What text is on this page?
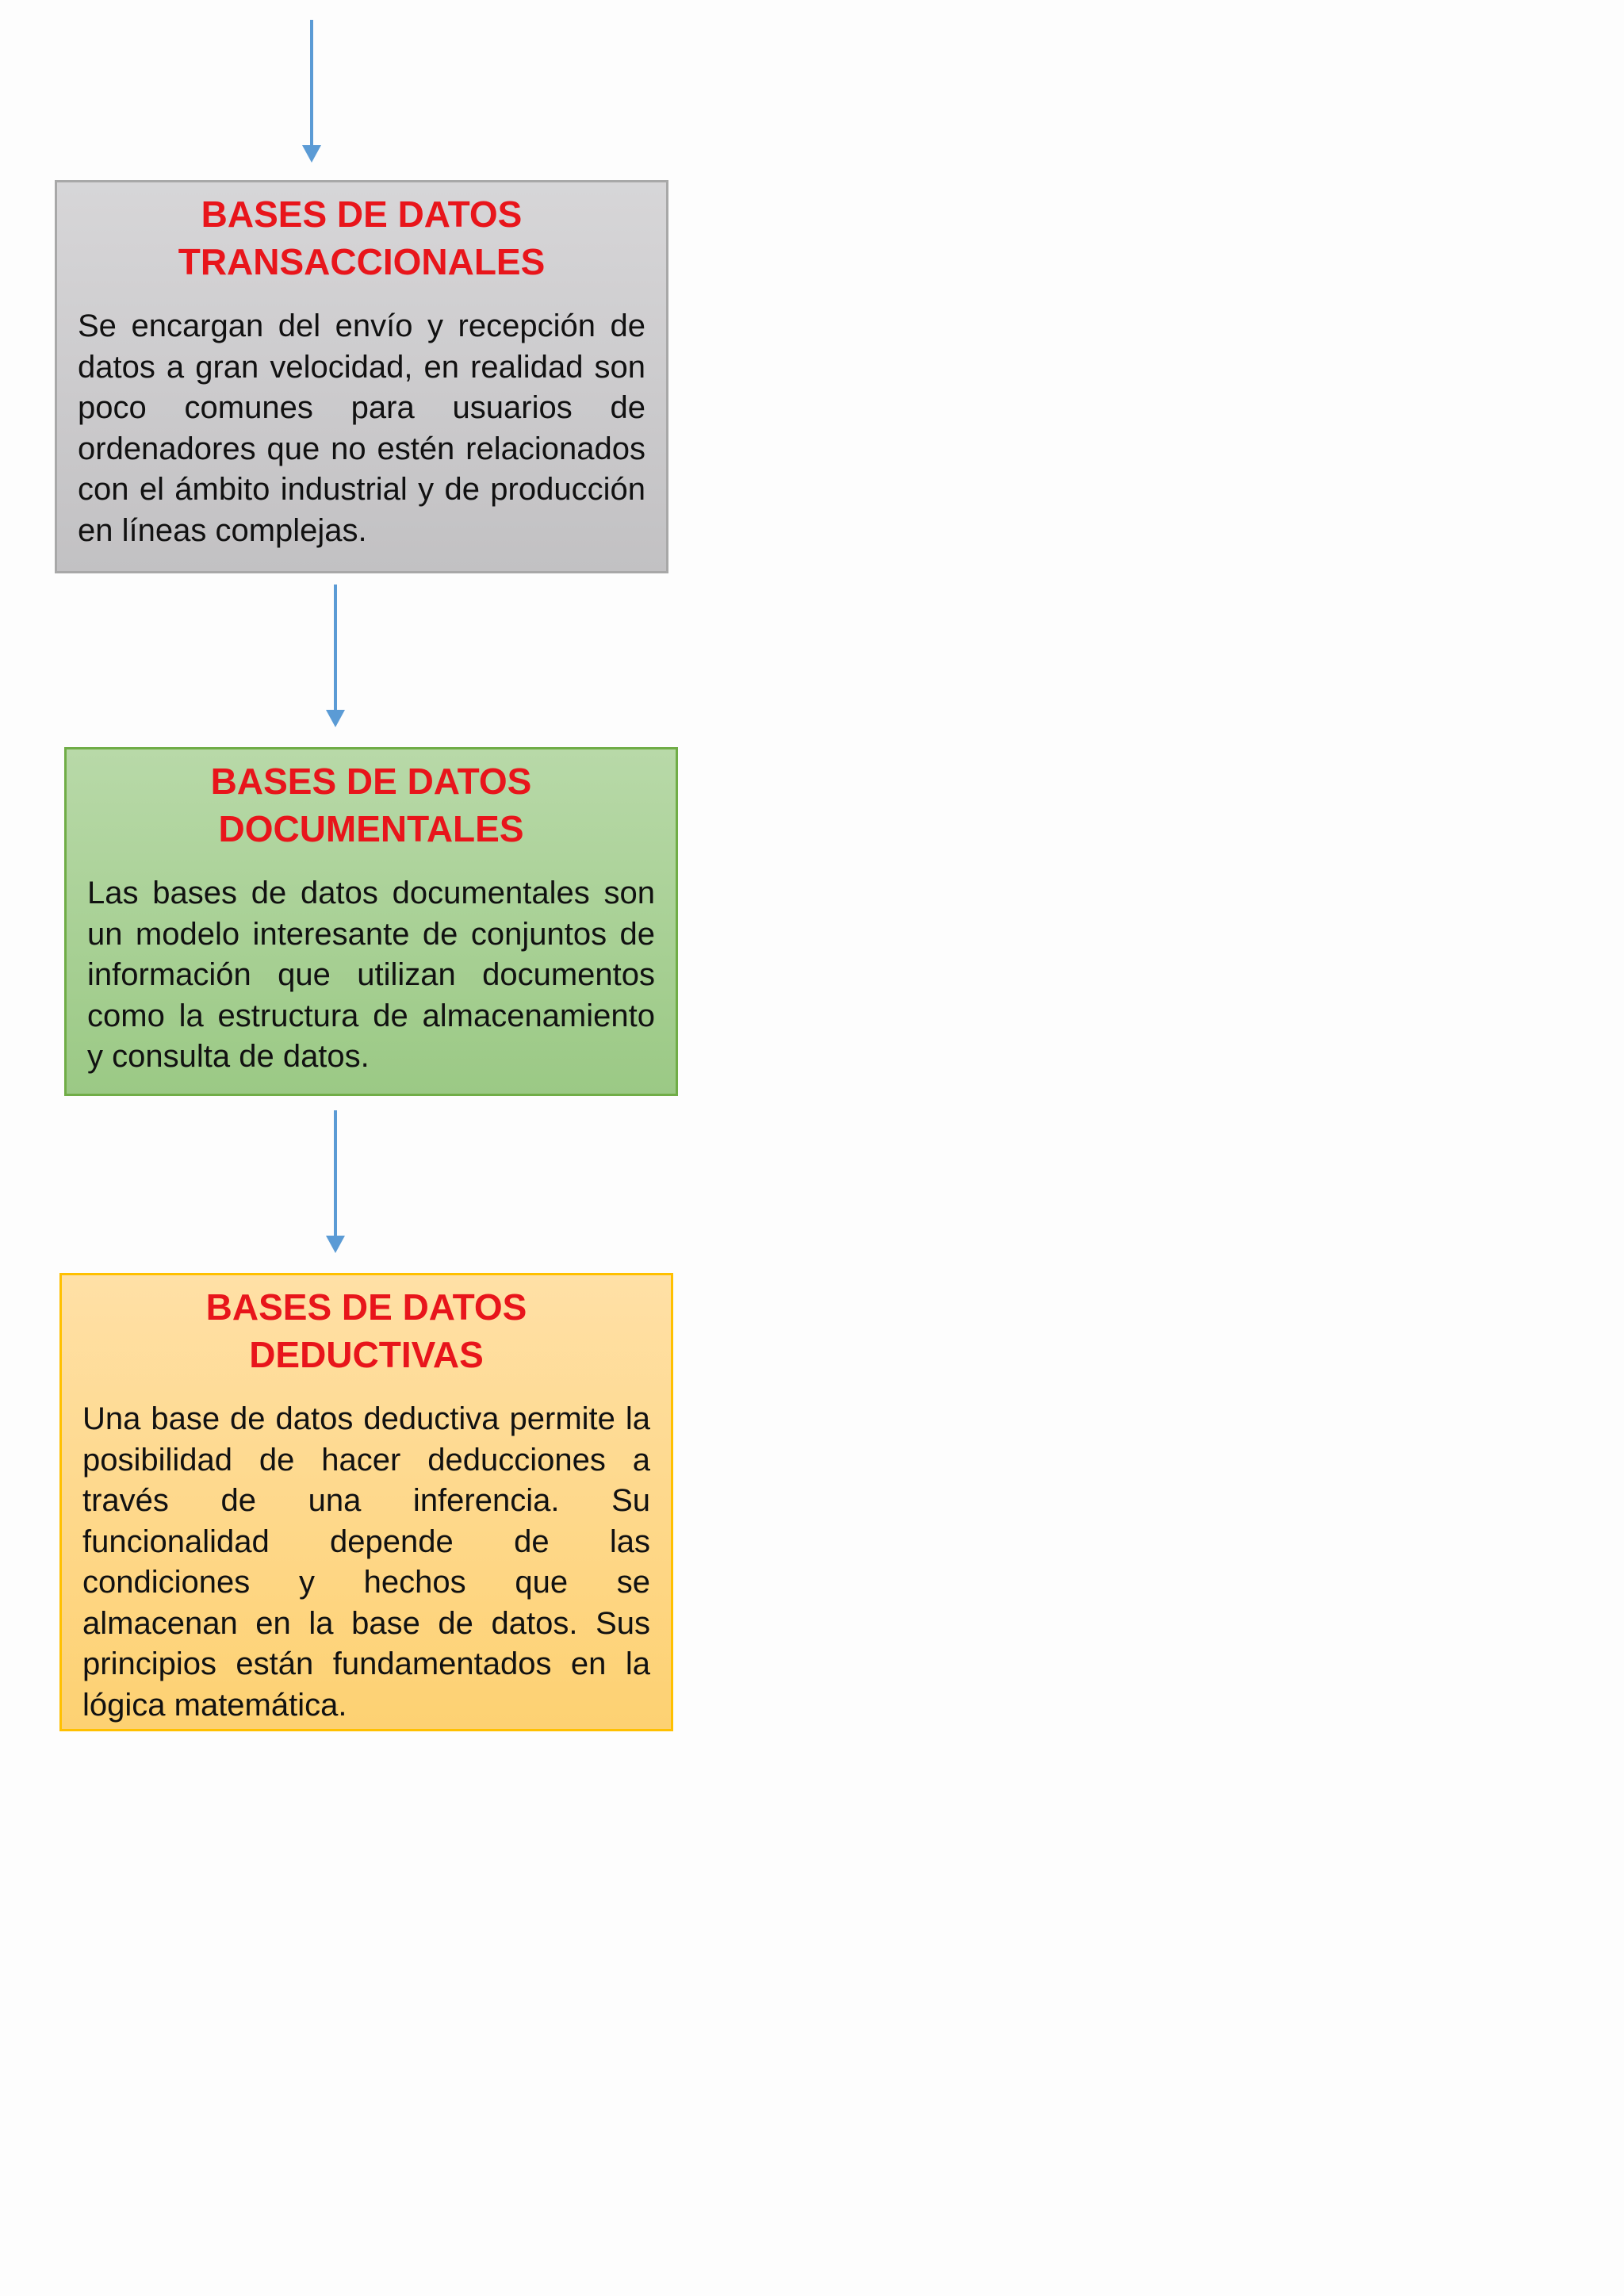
BASES DE DATOS
TRANSACCIONALES

Se encargan del envío y recepción de datos a gran velocidad, en realidad son poco comunes para usuarios de ordenadores que no estén relacionados con el ámbito industrial y de producción en líneas complejas.

BASES DE DATOS
DOCUMENTALES

Las bases de datos documentales son un modelo interesante de conjuntos de información que utilizan documentos como la estructura de almacenamiento y consulta de datos.

BASES DE DATOS
DEDUCTIVAS

Una base de datos deductiva permite la posibilidad de hacer deducciones a través de una inferencia. Su funcionalidad depende de las condiciones y hechos que se almacenan en la base de datos. Sus principios están fundamentados en la lógica matemática.
